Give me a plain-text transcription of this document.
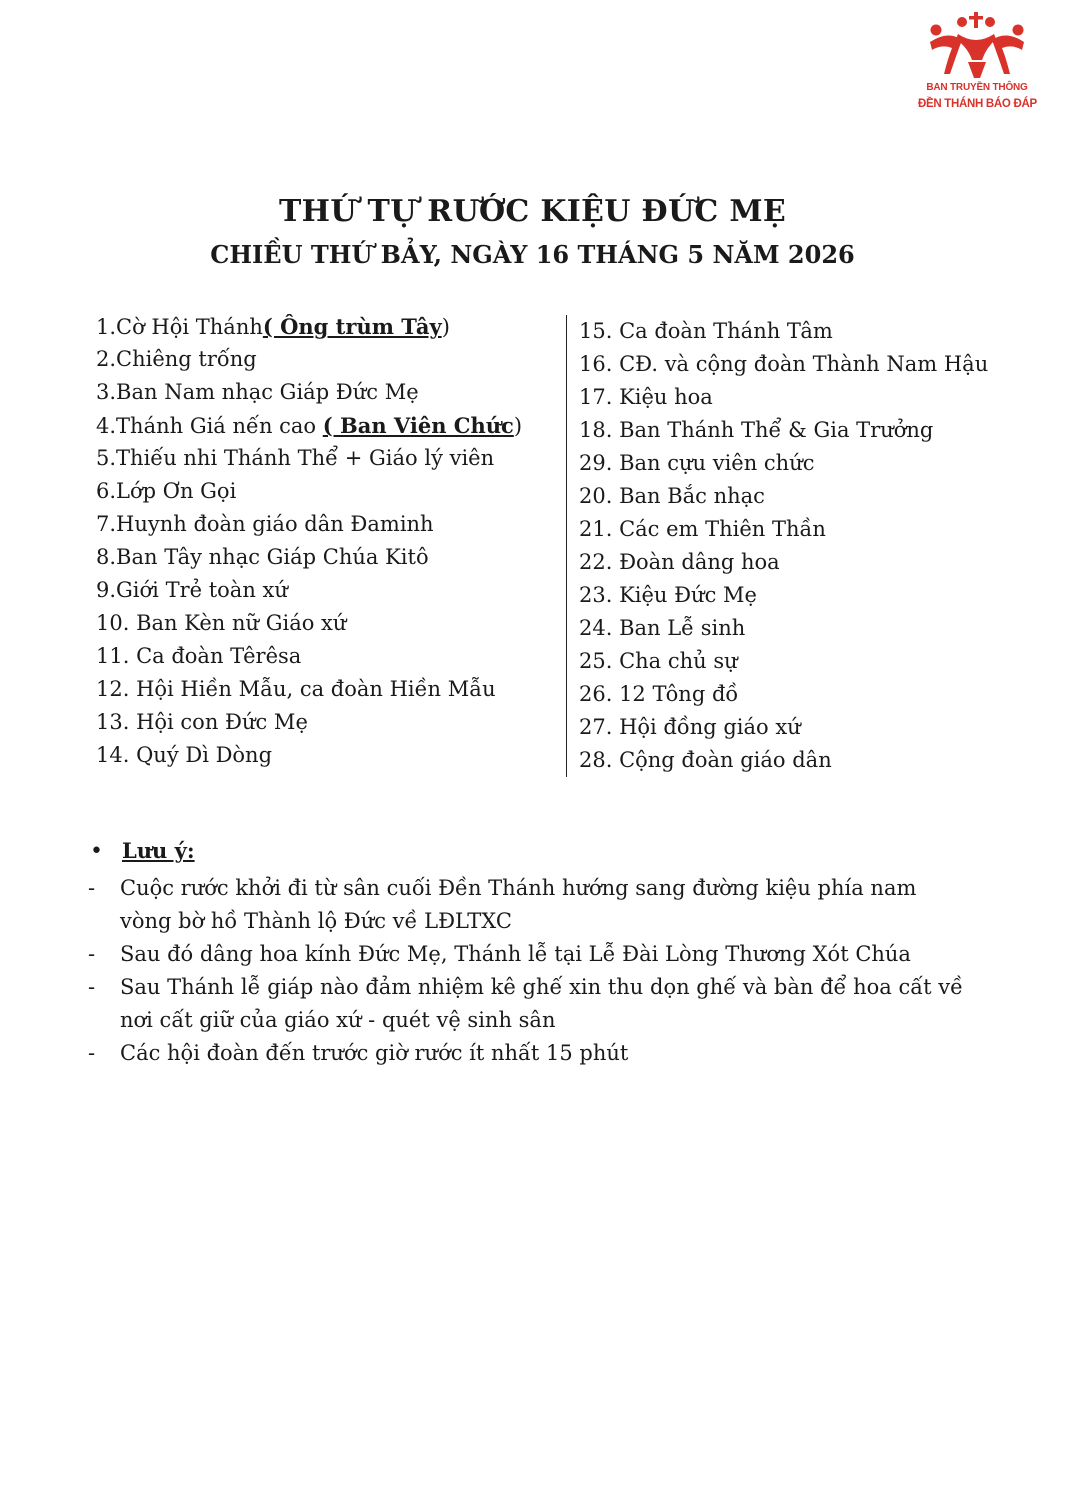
BAN TRUYỀN THÔNG
ĐỀN THÁNH BÁO ĐÁP
THỨ TỰ RƯỚC KIỆU ĐỨC MẸ
CHIỀU THỨ BẢY, NGÀY 16 THÁNG 5 NĂM 2026
1.Cờ Hội Thánh( Ông trùm Tây)
2.Chiêng trống
3.Ban Nam nhạc Giáp Đức Mẹ
4.Thánh Giá nến cao ( Ban Viên Chức)
5.Thiếu nhi Thánh Thể + Giáo lý viên
6.Lớp Ơn Gọi
7.Huynh đoàn giáo dân Đaminh
8.Ban Tây nhạc Giáp Chúa Kitô
9.Giới Trẻ toàn xứ
10. Ban Kèn nữ Giáo xứ
11. Ca đoàn Têrêsa
12. Hội Hiền Mẫu, ca đoàn Hiền Mẫu
13. Hội con Đức Mẹ
14. Quý Dì Dòng
15. Ca đoàn Thánh Tâm
16. CĐ. và cộng đoàn Thành Nam Hậu
17. Kiệu hoa
18. Ban Thánh Thể & Gia Trưởng
29. Ban cựu viên chức
20. Ban Bắc nhạc
21. Các em Thiên Thần
22. Đoàn dâng hoa
23. Kiệu Đức Mẹ
24. Ban Lễ sinh
25. Cha chủ sự
26. 12 Tông đồ
27. Hội đồng giáo xứ
28. Cộng đoàn giáo dân
• Lưu ý:
- Cuộc rước khởi đi từ sân cuối Đền Thánh hướng sang đường kiệu phía nam
vòng bờ hồ Thành lộ Đức về LĐLTXC
- Sau đó dâng hoa kính Đức Mẹ, Thánh lễ tại Lễ Đài Lòng Thương Xót Chúa
- Sau Thánh lễ giáp nào đảm nhiệm kê ghế xin thu dọn ghế và bàn để hoa cất về
nơi cất giữ của giáo xứ - quét vệ sinh sân
- Các hội đoàn đến trước giờ rước ít nhất 15 phút
